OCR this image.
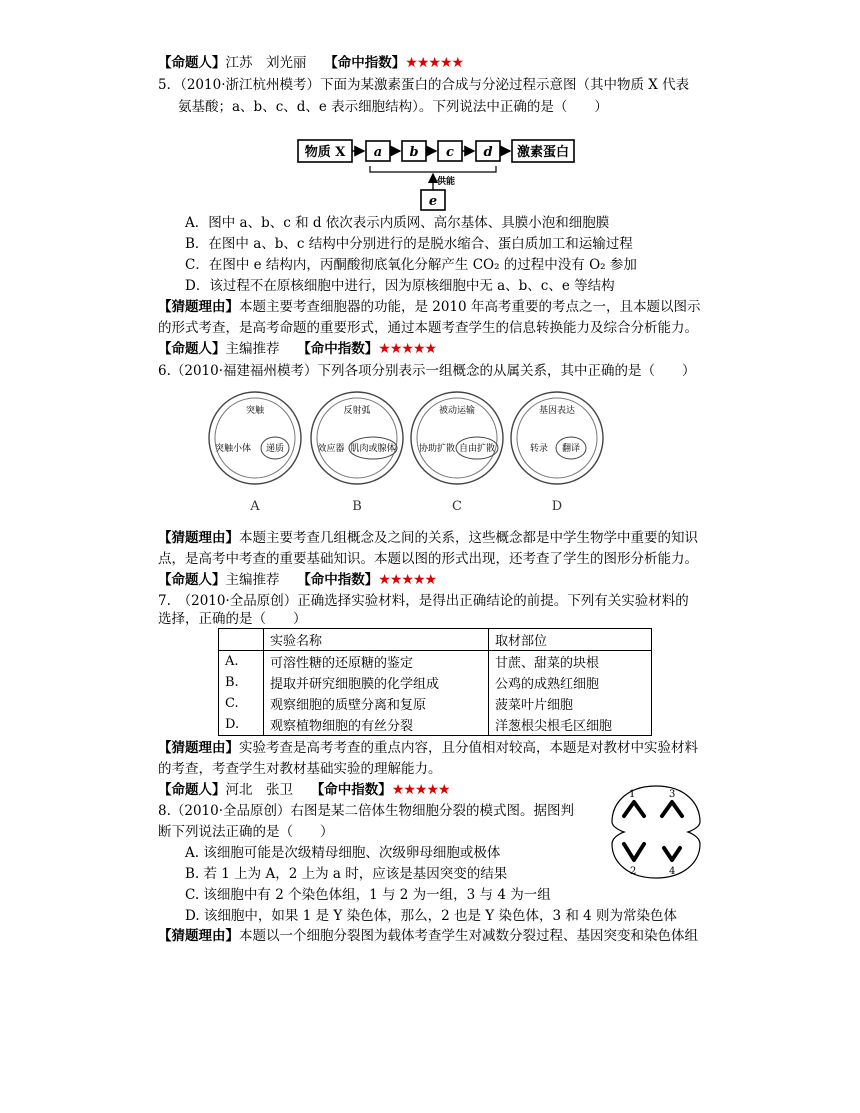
【命题人】江苏　刘光丽　 【命中指数】★★★★★
5．（2010·浙江杭州模考）下面为某激素蛋白的合成与分泌过程示意图（其中物质 X 代表
氨基酸；a、b、c、d、e 表示细胞结构）。下列说法中正确的是（　　）
物质 X a b c d 激素蛋白
供能
e
A．图中 a、b、c 和 d 依次表示内质网、高尔基体、具膜小泡和细胞膜
B．在图中 a、b、c 结构中分别进行的是脱水缩合、蛋白质加工和运输过程
C．在图中 e 结构内，丙酮酸彻底氧化分解产生 CO₂ 的过程中没有 O₂ 参加
D．该过程不在原核细胞中进行，因为原核细胞中无 a、b、c、e 等结构
【猜题理由】本题主要考查细胞器的功能，是 2010 年高考重要的考点之一，且本题以图示
的形式考查，是高考命题的重要形式，通过本题考查学生的信息转换能力及综合分析能力。
【命题人】主编推荐　 【命中指数】★★★★★
6.（2010·福建福州模考）下列各项分别表示一组概念的从属关系，其中正确的是（　　）
突触
突触小体 递质
A
反射弧
效应器 肌肉或腺体
B
被动运输
协助扩散 自由扩散
C
基因表达
转录 翻译
D
【猜题理由】本题主要考查几组概念及之间的关系，这些概念都是中学生物学中重要的知识
点，是高考中考查的重要基础知识。本题以图的形式出现，还考查了学生的图形分析能力。
【命题人】主编推荐　 【命中指数】★★★★★
7.　（2010·全品原创）正确选择实验材料，是得出正确结论的前提。下列有关实验材料的
选择，正确的是（　　）
	实验名称	取材部位
A.	可溶性糖的还原糖的鉴定	甘蔗、甜菜的块根
B.	提取并研究细胞膜的化学组成	公鸡的成熟红细胞
C.	观察细胞的质壁分离和复原	菠菜叶片细胞
D.	观察植物细胞的有丝分裂	洋葱根尖根毛区细胞
【猜题理由】实验考查是高考考查的重点内容，且分值相对较高，本题是对教材中实验材料
的考查，考查学生对教材基础实验的理解能力。
【命题人】河北　张卫　 【命中指数】★★★★★
8.（2010·全品原创）右图是某二倍体生物细胞分裂的模式图。据图判
断下列说法正确的是（　　）
1	3
2	4
A. 该细胞可能是次级精母细胞、次级卵母细胞或极体
B. 若 1 上为 A，2 上为 a 时，应该是基因突变的结果
C. 该细胞中有 2 个染色体组，1 与 2 为一组，3 与 4 为一组
D. 该细胞中，如果 1 是 Y 染色体，那么，2 也是 Y 染色体，3 和 4 则为常染色体
【猜题理由】本题以一个细胞分裂图为载体考查学生对减数分裂过程、基因突变和染色体组
